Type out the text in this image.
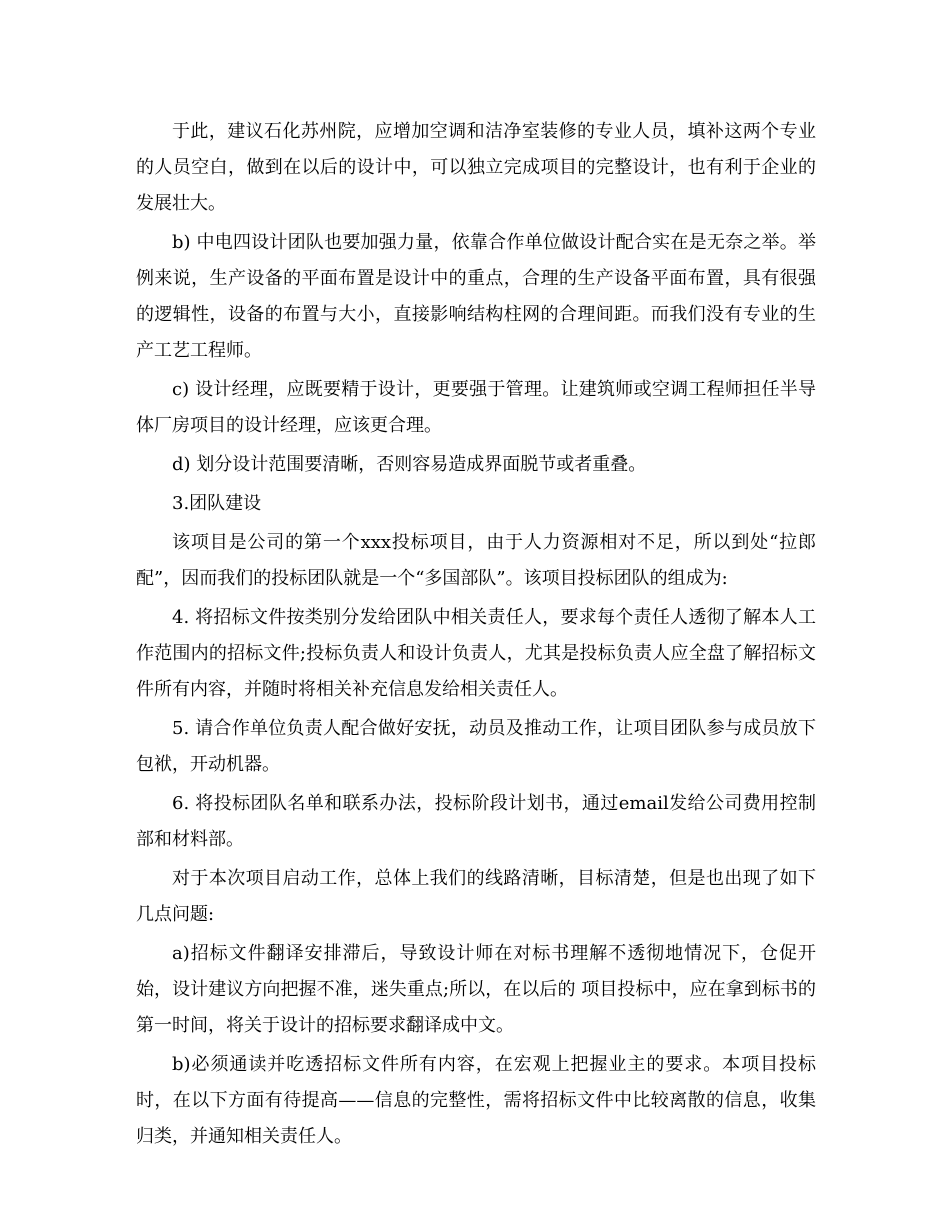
于此，建议石化苏州院，应增加空调和洁净室装修的专业人员，填补这两个专业的人员空白，做到在以后的设计中，可以独立完成项目的完整设计，也有利于企业的发展壮大。

b) 中电四设计团队也要加强力量，依靠合作单位做设计配合实在是无奈之举。举例来说，生产设备的平面布置是设计中的重点，合理的生产设备平面布置，具有很强的逻辑性，设备的布置与大小，直接影响结构柱网的合理间距。而我们没有专业的生产工艺工程师。

c) 设计经理，应既要精于设计，更要强于管理。让建筑师或空调工程师担任半导体厂房项目的设计经理，应该更合理。

d) 划分设计范围要清晰，否则容易造成界面脱节或者重叠。

3.团队建设

该项目是公司的第一个xxx投标项目，由于人力资源相对不足，所以到处“拉郎配”，因而我们的投标团队就是一个“多国部队”。该项目投标团队的组成为:

4. 将招标文件按类别分发给团队中相关责任人，要求每个责任人透彻了解本人工作范围内的招标文件;投标负责人和设计负责人，尤其是投标负责人应全盘了解招标文件所有内容，并随时将相关补充信息发给相关责任人。

5. 请合作单位负责人配合做好安抚，动员及推动工作，让项目团队参与成员放下包袱，开动机器。

6. 将投标团队名单和联系办法，投标阶段计划书，通过email发给公司费用控制部和材料部。

对于本次项目启动工作，总体上我们的线路清晰，目标清楚，但是也出现了如下几点问题:

a)招标文件翻译安排滞后，导致设计师在对标书理解不透彻地情况下，仓促开始，设计建议方向把握不准，迷失重点;所以，在以后的 项目投标中，应在拿到标书的第一时间，将关于设计的招标要求翻译成中文。

b)必须通读并吃透招标文件所有内容，在宏观上把握业主的要求。本项目投标时，在以下方面有待提高——信息的完整性，需将招标文件中比较离散的信息，收集归类，并通知相关责任人。
